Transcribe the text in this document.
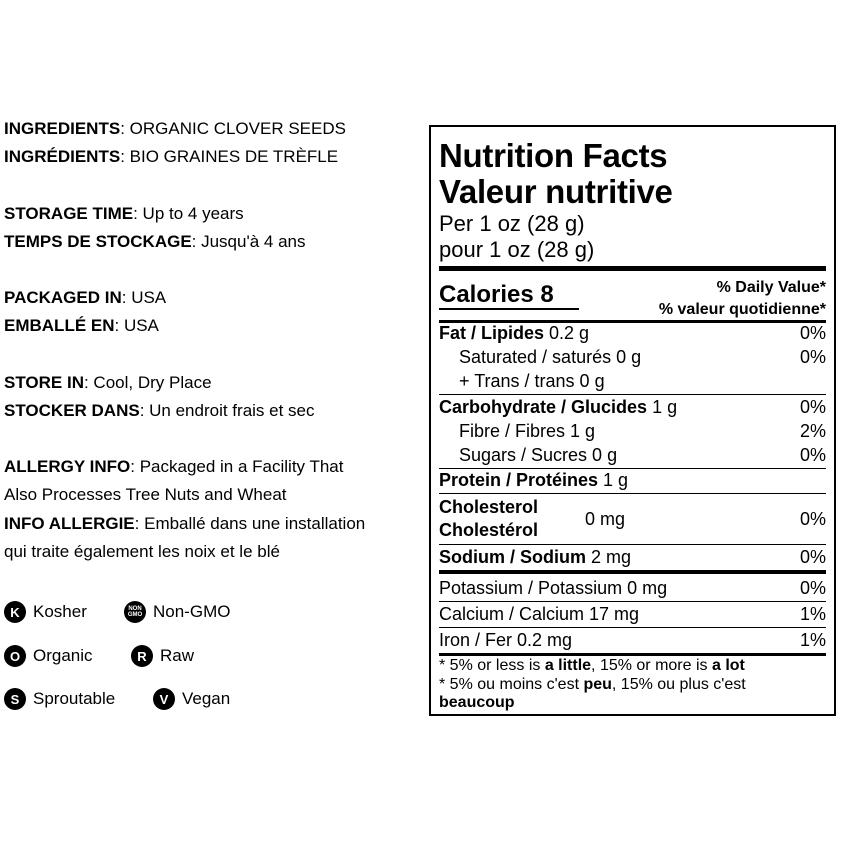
INGREDIENTS: ORGANIC CLOVER SEEDS
INGRÉDIENTS: BIO GRAINES DE TRÈFLE
STORAGE TIME: Up to 4 years
TEMPS DE STOCKAGE: Jusqu'à 4 ans
PACKAGED IN: USA
EMBALLÉ EN: USA
STORE IN: Cool, Dry Place
STOCKER DANS: Un endroit frais et sec
ALLERGY INFO: Packaged in a Facility That
Also Processes Tree Nuts and Wheat
INFO ALLERGIE: Emballé dans une installation
qui traite également les noix et le blé
K Kosher	NON GMO Non-GMO
O Organic	R Raw
S Sproutable	V Vegan
Nutrition Facts
Valeur nutritive
Per 1 oz (28 g)
pour 1 oz (28 g)
Calories 8	% Daily Value*
% valeur quotidienne*
Fat / Lipides 0.2 g	0%
Saturated / saturés 0 g	0%
+ Trans / trans 0 g
Carbohydrate / Glucides 1 g	0%
Fibre / Fibres 1 g	2%
Sugars / Sucres 0 g	0%
Protein / Protéines 1 g
Cholesterol
Cholestérol
0 mg	0%
Sodium / Sodium 2 mg	0%
Potassium / Potassium 0 mg	0%
Calcium / Calcium 17 mg	1%
Iron / Fer 0.2 mg	1%
* 5% or less is a little, 15% or more is a lot
* 5% ou moins c'est peu, 15% ou plus c'est
beaucoup
